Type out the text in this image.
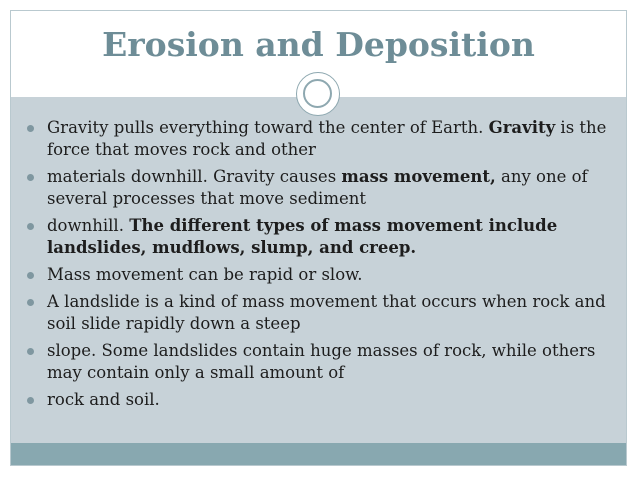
Erosion and Deposition
Gravity pulls everything toward the center of Earth. Gravity is the force that moves rock and other
materials downhill. Gravity causes mass movement, any one of several processes that move sediment
downhill. The different types of mass movement include landslides, mudflows, slump, and creep.
Mass movement can be rapid or slow.
A landslide is a kind of mass movement that occurs when rock and soil slide rapidly down a steep
slope. Some landslides contain huge masses of rock, while others may contain only a small amount of
rock and soil.
